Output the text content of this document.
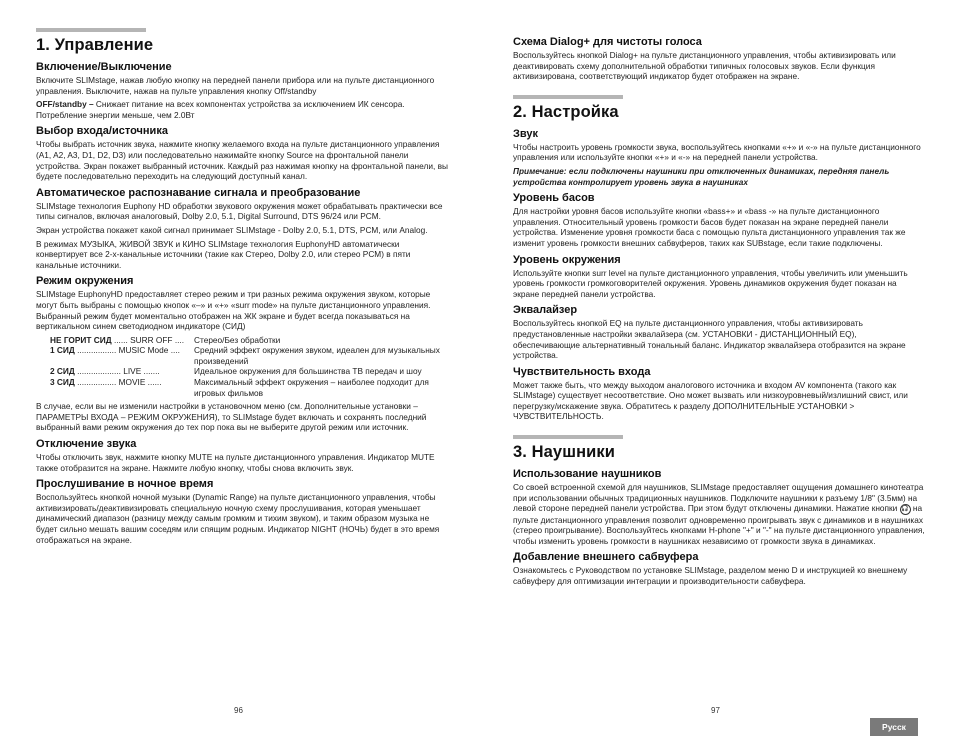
1. Управление
Включение/Выключение

Включите SLIMstage, нажав любую кнопку на передней панели прибора или на пульте дистанционного управления. Выключите, нажав на пульте управления кнопку Off/standby

OFF/standby – Снижает питание на всех компонентах устройства за исключением ИК сенсора. Потребление энергии меньше, чем 2.0Вт

Выбор входа/источника

Чтобы выбрать источник звука, нажмите кнопку желаемого входа на пульте дистанционного управления (A1, A2, A3, D1, D2, D3) или последовательно нажимайте кнопку Source на фронтальной панели устройства. Экран покажет выбранный источник. Каждый раз нажимая кнопку на фронтальной панели, вы будете последовательно переходить на следующий доступный канал.

Автоматическое распознавание сигнала и преобразование

SLIMstage технология Euphony HD обработки звукового окружения может обрабатывать практически все типы сигналов, включая аналоговый, Dolby 2.0, 5.1, Digital Surround, DTS 96/24 или PCM.

Экран устройства покажет какой сигнал принимает SLIMstage - Dolby 2.0, 5.1, DTS, PCM, или Analog.

В режимах МУЗЫКА, ЖИВОЙ ЗВУК и КИНО SLIMstage технология EuphonyHD автоматически конвертирует все 2-х-канальные источники (такие как Стерео, Dolby 2.0, или стерео PCM) в пяти канальные источники.

Режим окружения

SLIMstage EuphonyHD предоставляет стерео режим и три разных режима окружения звуком, которые могут быть выбраны с помощью кнопок «–» и «+» «surr mode» на пульте дистанционного управления. Выбранный режим будет моментально отображен на ЖК экране и будет всегда показываться на вертикальном синем светодиодном индикаторе (СИД)

НЕ ГОРИТ СИД ...... SURR OFF ....	Стерео/Без обработки
1 СИД ................. MUSIC Mode ....	Средний эффект окружения звуком, идеален для музыкальных произведений
2 СИД ................... LIVE .......	Идеальное окружения для большинства ТВ передач и шоу
3 СИД ................. MOVIE ......	Максимальный эффект окружения – наиболее подходит для игровых фильмов

В случае, если вы не изменили настройки в установочном меню (см. Дополнительные установки – ПАРАМЕТРЫ ВХОДА – РЕЖИМ ОКРУЖЕНИЯ), то SLIMstage будет включать и сохранять последний выбранный вами режим окружения до тех пор пока вы не выберите другой режим или источник.

Отключение звука

Чтобы отключить звук, нажмите кнопку MUTE на пульте дистанционного управления. Индикатор MUTE также отобразится на экране. Нажмите любую кнопку, чтобы снова включить звук.

Прослушивание в ночное время

Воспользуйтесь кнопкой ночной музыки (Dynamic Range) на пульте дистанционного управления, чтобы активизировать/деактивизировать специальную ночную схему прослушивания, которая уменьшает динамический диапазон (разницу между самым громким и тихим звуком), и таким образом музыка не будет сильно мешать вашим соседям или спящим родным. Индикатор NIGHT (НОЧЬ) будет в это время отображаться на экране.

Схема Dialog+ для чистоты голоса

Воспользуйтесь кнопкой Dialog+ на пульте дистанционного управления, чтобы активизировать или деактивировать схему дополнительной обработки типичных голосовых звуков. Если функция активизирована, соответствующий индикатор будет отображен на экране.

2. Настройка
Звук

Чтобы настроить уровень громкости звука, воспользуйтесь кнопками «+» и «-» на пульте дистанционного управления или используйте кнопки «+» и «-» на передней панели устройства.

Примечание: если подключены наушники при отключенных динамиках, передняя панель устройства контролирует уровень звука в наушниках

Уровень басов

Для настройки уровня басов используйте кнопки «bass+» и «bass -» на пульте дистанционного управления. Относительный уровень громкости басов будет показан на экране передней панели устройства. Изменение уровня громкости баса с помощью пульта дистанционного управления так же изменит уровень громкости внешних сабвуферов, таких как SUBstage, если такие подключены.

Уровень окружения

Используйте кнопки surr level на пульте дистанционного управления, чтобы увеличить или уменьшить уровень громкости громкоговорителей окружения. Уровень динамиков окружения будет показан на экране передней панели устройства.

Эквалайзер

Воспользуйтесь кнопкой EQ на пульте дистанционного управления, чтобы активизировать предустановленные настройки эквалайзера (см. УСТАНОВКИ - ДИСТАНЦИОННЫЙ EQ), обеспечивающие альтернативный тональный баланс. Индикатор эквалайзера отобразится на экране устройства.

Чувствительность входа

Может также быть, что между выходом аналогового источника и входом AV компонента (такого как SLIMstage) существует несоответствие. Оно может вызвать или низкоуровневый/излишний свист, или перегрузку/искажение звука. Обратитесь к разделу ДОПОЛНИТЕЛЬНЫЕ УСТАНОВКИ > ЧУВСТВИТЕЛЬНОСТЬ.

3. Наушники
Использование наушников

Со своей встроенной схемой для наушников, SLIMstage предоставляет ощущения домашнего кинотеатра при использовании обычных традиционных наушников. Подключите наушники к разъему 1/8" (3.5мм) на левой стороне передней панели устройства. При этом будут отключены динамики. Нажатие кнопки 🎧 на пульте дистанционного управления позволит одновременно проигрывать звук с динамиков и в наушниках (стерео проигрывание). Воспользуйтесь кнопками H-phone "+" и "-" на пульте дистанционного управления, чтобы изменить уровень громкости в наушниках независимо от громкости звука в динамиках.

Добавление внешнего сабвуфера

Ознакомьтесь с Руководством по установке SLIMstage, разделом меню D и инструкцией ко внешнему сабвуферу для оптимизации интеграции и производительности сабвуфера.

96	97
Русск
